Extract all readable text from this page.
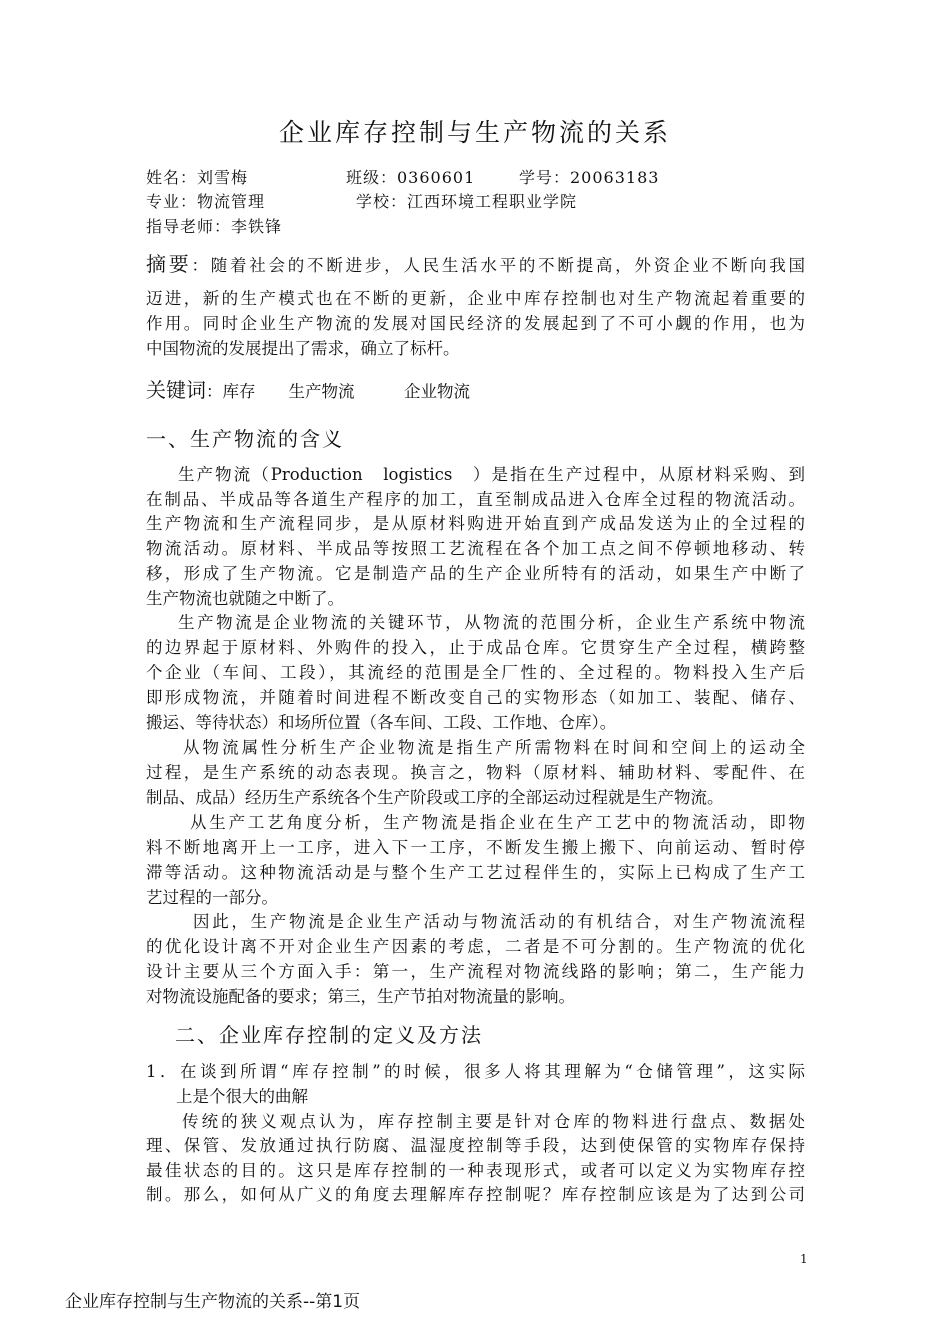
企业库存控制与生产物流的关系
姓名：刘雪梅	班级：0360601	学号：20063183
专业：物流管理	学校：江西环境工程职业学院
指导老师：李铁锋
摘要：随着社会的不断进步，人民生活水平的不断提高，外资企业不断向我国
迈进，新的生产模式也在不断的更新，企业中库存控制也对生产物流起着重要的
作用。同时企业生产物流的发展对国民经济的发展起到了不可小觑的作用，也为
中国物流的发展提出了需求，确立了标杆。
关键词：库存　　生产物流　　　企业物流
一、生产物流的含义
生产物流（Production　logistics　）是指在生产过程中，从原材料采购、到
在制品、半成品等各道生产程序的加工，直至制成品进入仓库全过程的物流活动。
生产物流和生产流程同步，是从原材料购进开始直到产成品发送为止的全过程的
物流活动。原材料、半成品等按照工艺流程在各个加工点之间不停顿地移动、转
移，形成了生产物流。它是制造产品的生产企业所特有的活动，如果生产中断了
生产物流也就随之中断了。
生产物流是企业物流的关键环节，从物流的范围分析，企业生产系统中物流
的边界起于原材料、外购件的投入，止于成品仓库。它贯穿生产全过程，横跨整
个企业（车间、工段），其流经的范围是全厂性的、全过程的。物料投入生产后
即形成物流，并随着时间进程不断改变自己的实物形态（如加工、装配、储存、
搬运、等待状态）和场所位置（各车间、工段、工作地、仓库）。
从物流属性分析生产企业物流是指生产所需物料在时间和空间上的运动全
过程，是生产系统的动态表现。换言之，物料（原材料、辅助材料、零配件、在
制品、成品）经历生产系统各个生产阶段或工序的全部运动过程就是生产物流。
从生产工艺角度分析，生产物流是指企业在生产工艺中的物流活动，即物
料不断地离开上一工序，进入下一工序，不断发生搬上搬下、向前运动、暂时停
滞等活动。这种物流活动是与整个生产工艺过程伴生的，实际上已构成了生产工
艺过程的一部分。
因此，生产物流是企业生产活动与物流活动的有机结合，对生产物流流程
的优化设计离不开对企业生产因素的考虑，二者是不可分割的。生产物流的优化
设计主要从三个方面入手：第一，生产流程对物流线路的影响；第二，生产能力
对物流设施配备的要求；第三，生产节拍对物流量的影响。
二、企业库存控制的定义及方法
1．在谈到所谓“库存控制”的时候，很多人将其理解为“仓储管理”，这实际
上是个很大的曲解
传统的狭义观点认为，库存控制主要是针对仓库的物料进行盘点、数据处
理、保管、发放通过执行防腐、温湿度控制等手段，达到使保管的实物库存保持
最佳状态的目的。这只是库存控制的一种表现形式，或者可以定义为实物库存控
制。那么，如何从广义的角度去理解库存控制呢？库存控制应该是为了达到公司
1
企业库存控制与生产物流的关系--第1页
